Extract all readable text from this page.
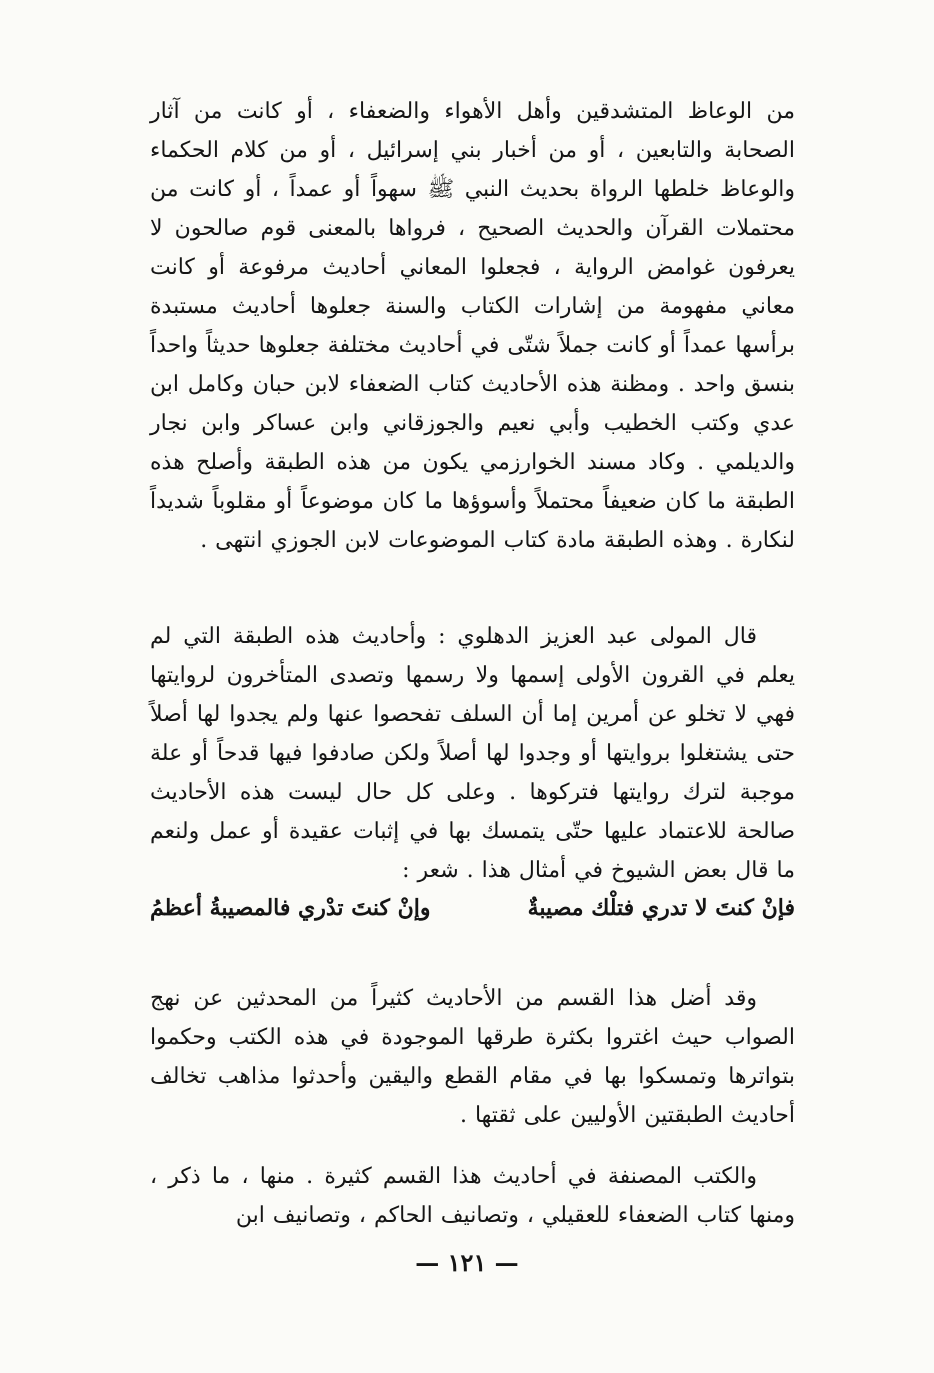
من الوعاظ المتشدقين وأهل الأهواء والضعفاء ، أو كانت من آثار الصحابة والتابعين ، أو من أخبار بني إسرائيل ، أو من كلام الحكماء والوعاظ خلطها الرواة بحديث النبي ﷺ سهواً أو عمداً ، أو كانت من محتملات القرآن والحديث الصحيح ، فرواها بالمعنى قوم صالحون لا يعرفون غوامض الرواية ، فجعلوا المعاني أحاديث مرفوعة أو كانت معاني مفهومة من إشارات الكتاب والسنة جعلوها أحاديث مستبدة برأسها عمداً أو كانت جملاً شتّى في أحاديث مختلفة جعلوها حديثاً واحداً بنسق واحد . ومظنة هذه الأحاديث كتاب الضعفاء لابن حبان وكامل ابن عدي وكتب الخطيب وأبي نعيم والجوزقاني وابن عساكر وابن نجار والديلمي . وكاد مسند الخوارزمي يكون من هذه الطبقة وأصلح هذه الطبقة ما كان ضعيفاً محتملاً وأسوؤها ما كان موضوعاً أو مقلوباً شديداً لنكارة . وهذه الطبقة مادة كتاب الموضوعات لابن الجوزي انتهى .

قال المولى عبد العزيز الدهلوي : وأحاديث هذه الطبقة التي لم يعلم في القرون الأولى إسمها ولا رسمها وتصدى المتأخرون لروايتها فهي لا تخلو عن أمرين إما أن السلف تفحصوا عنها ولم يجدوا لها أصلاً حتى يشتغلوا بروايتها أو وجدوا لها أصلاً ولكن صادفوا فيها قدحاً أو علة موجبة لترك روايتها فتركوها . وعلى كل حال ليست هذه الأحاديث صالحة للاعتماد عليها حتّى يتمسك بها في إثبات عقيدة أو عمل ولنعم ما قال بعض الشيوخ في أمثال هذا . شعر :

فإنْ كنتَ لا تدري فتلْك مصيبةٌ
وإنْ كنتَ تدْري فالمصيبةُ أعظمُ

وقد أضل هذا القسم من الأحاديث كثيراً من المحدثين عن نهج الصواب حيث اغتروا بكثرة طرقها الموجودة في هذه الكتب وحكموا بتواترها وتمسكوا بها في مقام القطع واليقين وأحدثوا مذاهب تخالف أحاديث الطبقتين الأوليين على ثقتها .

والكتب المصنفة في أحاديث هذا القسم كثيرة . منها ، ما ذكر ، ومنها كتاب الضعفاء للعقيلي ، وتصانيف الحاكم ، وتصانيف ابن

— ١٢١ —
